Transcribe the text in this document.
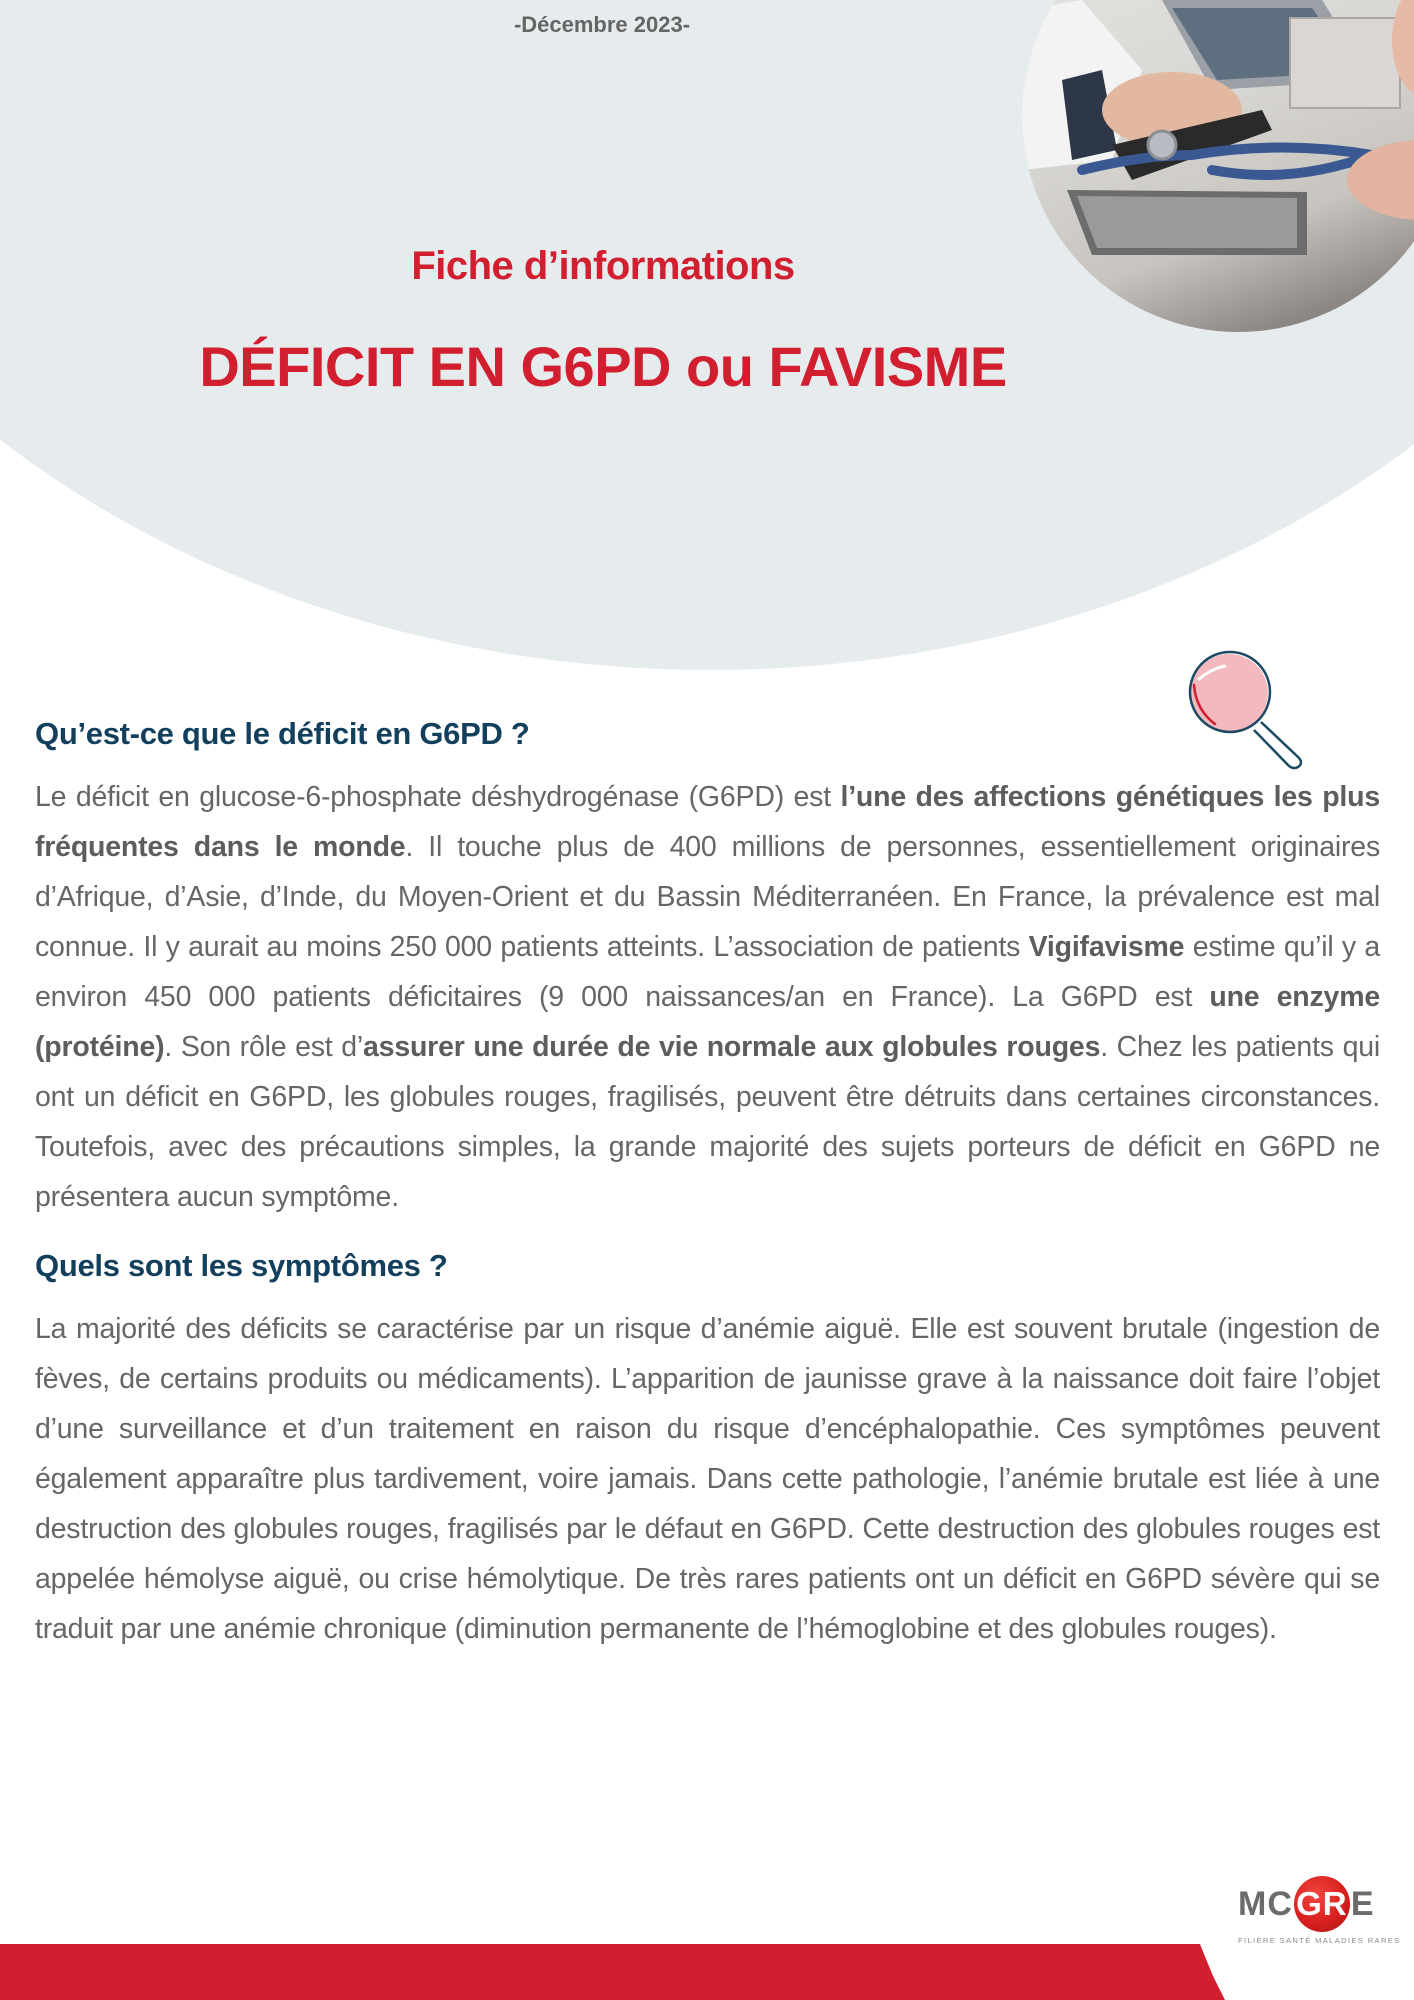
-Décembre 2023-
Fiche d’informations
DÉFICIT EN G6PD ou FAVISME
Qu’est-ce que le déficit en G6PD ?

Le déficit en glucose-6-phosphate déshydrogénase (G6PD) est l’une des affections génétiques les plus fréquentes dans le monde. Il touche plus de 400 millions de personnes, essentiellement originaires d’Afrique, d’Asie, d’Inde, du Moyen-Orient et du Bassin Méditerranéen. En France, la prévalence est mal connue. Il y aurait au moins 250 000 patients atteints. L’association de patients Vigifavisme estime qu’il y a environ 450 000 patients déficitaires (9 000 naissances/an en France). La G6PD est une enzyme (protéine). Son rôle est d’assurer une durée de vie normale aux globules rouges. Chez les patients qui ont un déficit en G6PD, les globules rouges, fragilisés, peuvent être détruits dans certaines circonstances. Toutefois, avec des précautions simples, la grande majorité des sujets porteurs de déficit en G6PD ne présentera aucun symptôme.

Quels sont les symptômes ?

La majorité des déficits se caractérise par un risque d’anémie aiguë. Elle est souvent brutale (ingestion de fèves, de certains produits ou médicaments). L’apparition de jaunisse grave à la naissance doit faire l’objet d’une surveillance et d’un traitement en raison du risque d’encéphalopathie. Ces symptômes peuvent également apparaître plus tardivement, voire jamais. Dans cette pathologie, l’anémie brutale est liée à une destruction des globules rouges, fragilisés par le défaut en G6PD. Cette destruction des globules rouges est appelée hémolyse aiguë, ou crise hémolytique. De très rares patients ont un déficit en G6PD sévère qui se traduit par une anémie chronique (diminution permanente de l’hémoglobine et des globules rouges).

MC GR E
FILIÈRE SANTÉ MALADIES RARES
